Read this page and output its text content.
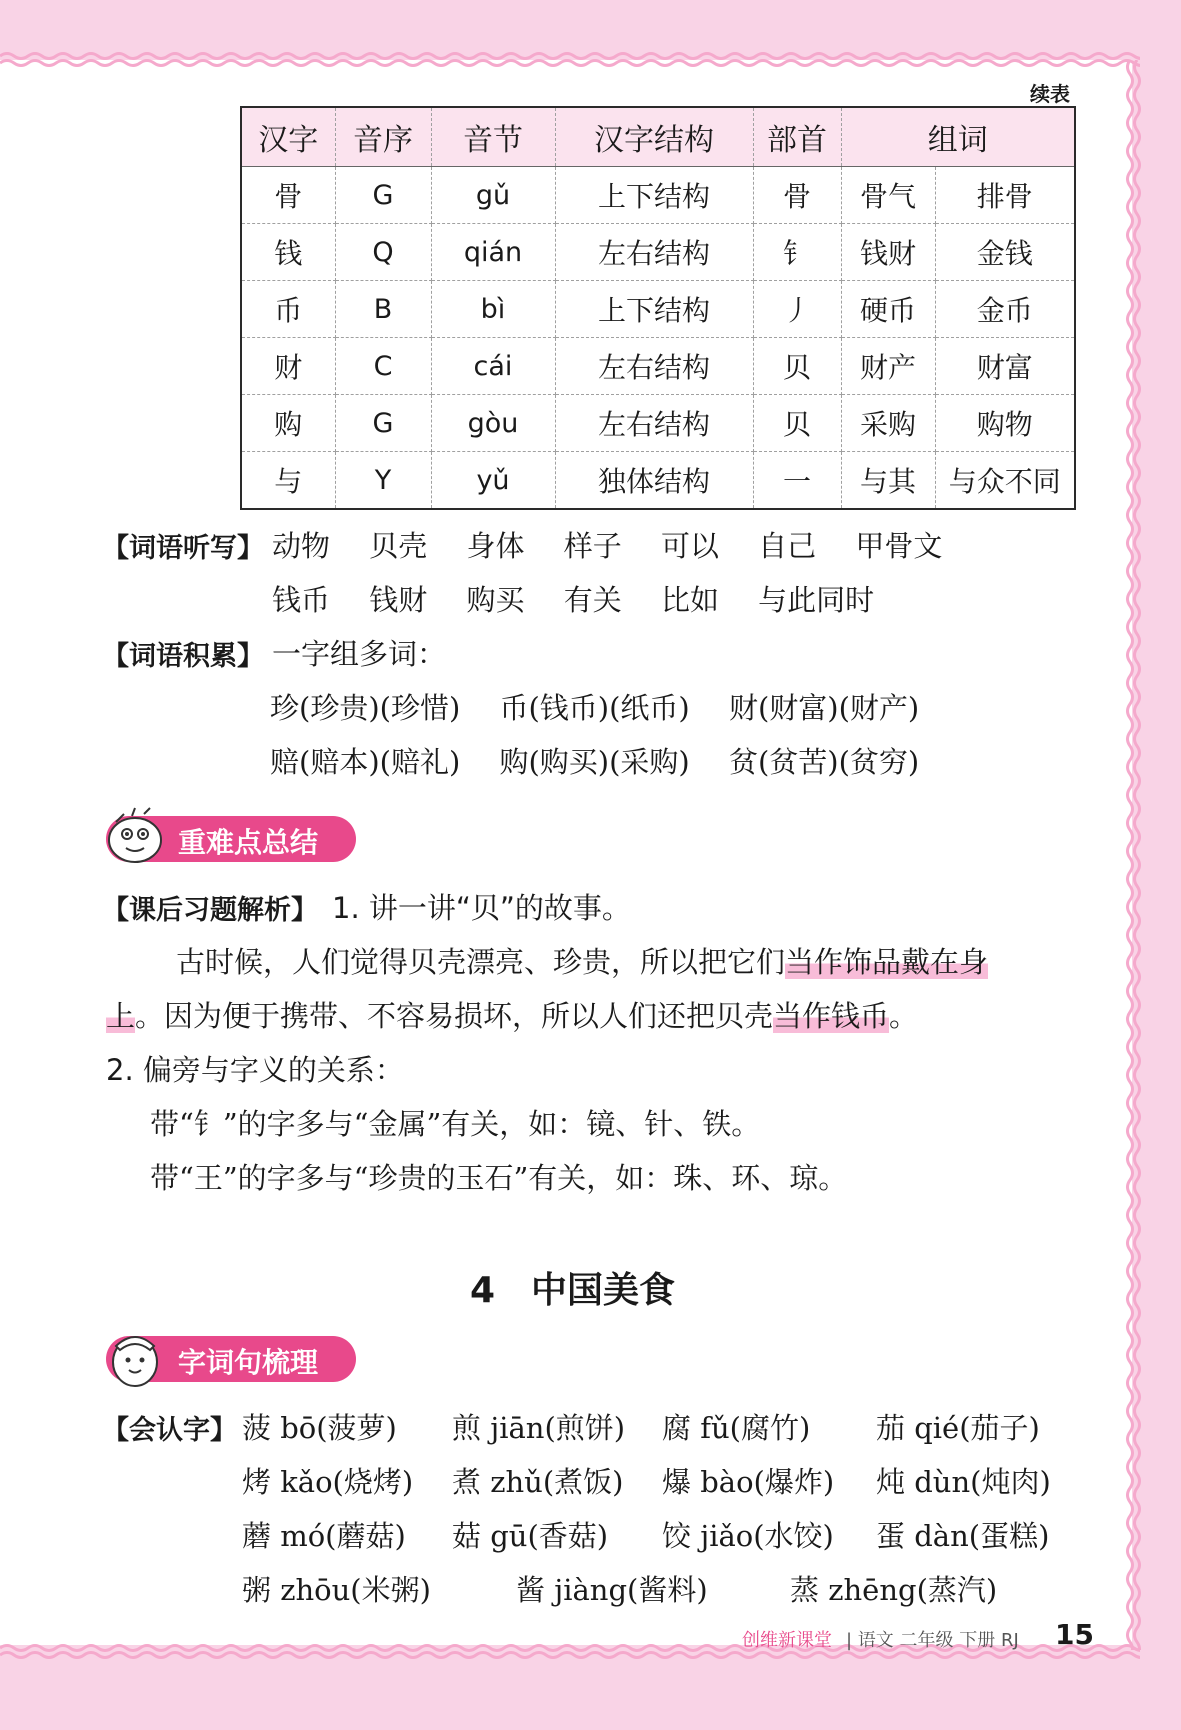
续表
汉字	音序	音节	汉字结构	部首	组词	
骨	G	gǔ	上下结构	骨	骨气	排骨
钱	Q	qián	左右结构	钅	钱财	金钱
币	B	bì	上下结构	丿	硬币	金币
财	C	cái	左右结构	贝	财产	财富
购	G	gòu	左右结构	贝	采购	购物
与	Y	yǔ	独体结构	一	与其	与众不同
【词语听写】 动物 贝壳 身体 样子 可以 自己 甲骨文
钱币 钱财 购买 有关 比如 与此同时
【词语积累】 一字组多词：
珍(珍贵)(珍惜) 币(钱币)(纸币) 财(财富)(财产)
赔(赔本)(赔礼) 购(购买)(采购) 贫(贫苦)(贫穷)
重难点总结
【课后习题解析】 1. 讲一讲“贝”的故事。
古时候，人们觉得贝壳漂亮、珍贵，所以把它们当作饰品戴在身
上。因为便于携带、不容易损坏，所以人们还把贝壳当作钱币。
2. 偏旁与字义的关系：
带“钅”的字多与“金属”有关，如：镜、针、铁。
带“王”的字多与“珍贵的玉石”有关，如：珠、环、琼。
4　中国美食
字词句梳理
【会认字】 菠 bō(菠萝) 煎 jiān(煎饼) 腐 fǔ(腐竹) 茄 qié(茄子)
烤 kǎo(烧烤) 煮 zhǔ(煮饭) 爆 bào(爆炸) 炖 dùn(炖肉)
蘑 mó(蘑菇) 菇 gū(香菇) 饺 jiǎo(水饺) 蛋 dàn(蛋糕)
粥 zhōu(米粥)	酱 jiàng(酱料)	蒸 zhēng(蒸汽)
创维新课堂 | 语文 二年级 下册 RJ 15
